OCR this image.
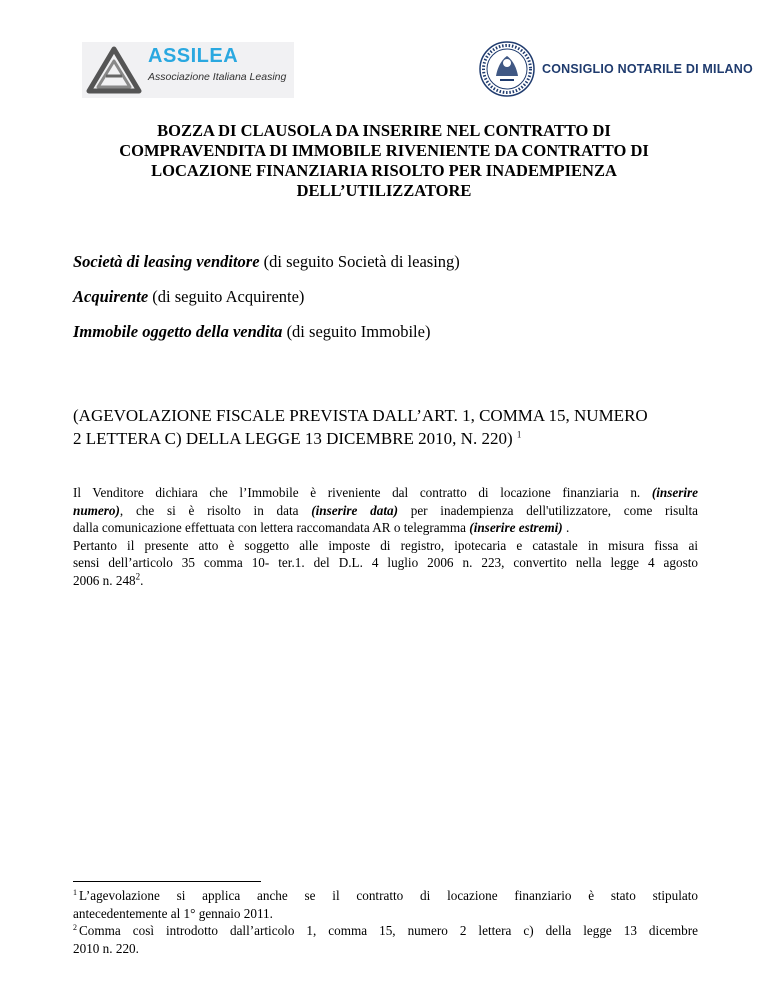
ASSILEA
Associazione Italiana Leasing
CONSIGLIO NOTARILE DI MILANO
BOZZA DI CLAUSOLA DA INSERIRE NEL CONTRATTO DI
COMPRAVENDITA DI IMMOBILE RIVENIENTE DA CONTRATTO DI
LOCAZIONE FINANZIARIA RISOLTO PER INADEMPIENZA
DELL’UTILIZZATORE
Società di leasing venditore (di seguito Società di leasing)
Acquirente (di seguito Acquirente)
Immobile oggetto della vendita (di seguito Immobile)
(AGEVOLAZIONE FISCALE PREVISTA DALL’ART. 1, COMMA 15, NUMERO
2 LETTERA C) DELLA LEGGE 13 DICEMBRE 2010, N. 220) $^1$
Il Venditore dichiara che l’Immobile è riveniente dal contratto di locazione finanziaria n. (inserire
numero), che si è risolto in data (inserire data) per inadempienza dell'utilizzatore, come risulta
dalla comunicazione effettuata con lettera raccomandata AR o telegramma (inserire estremi) .
Pertanto il presente atto è soggetto alle imposte di registro, ipotecaria e catastale in misura fissa ai
sensi dell’articolo 35 comma 10- ter.1. del D.L. 4 luglio 2006 n. 223, convertito nella legge 4 agosto
2006 n. $248^2$.
$^1$ L’agevolazione si applica anche se il contratto di locazione finanziario è stato stipulato
antecedentemente al 1° gennaio 2011.
$^2$ Comma così introdotto dall’articolo 1, comma 15, numero 2 lettera c) della legge 13 dicembre
2010 n. 220.
